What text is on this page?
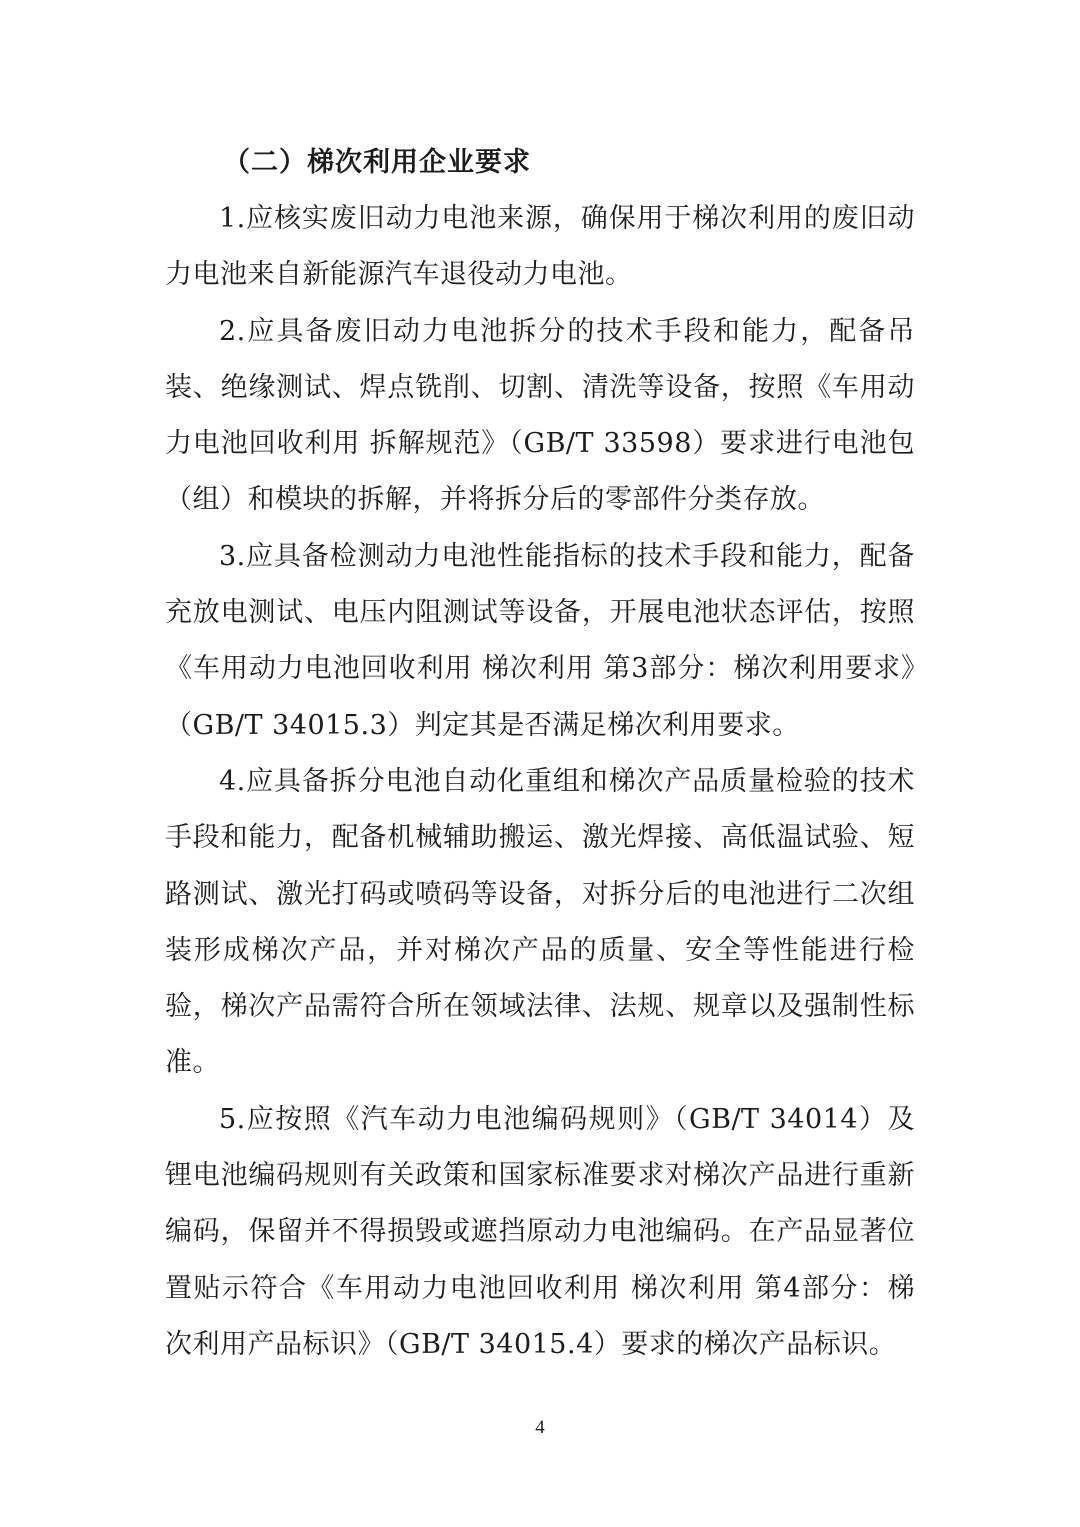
（二）梯次利用企业要求

1.应核实废旧动力电池来源，确保用于梯次利用的废旧动力电池来自新能源汽车退役动力电池。

2.应具备废旧动力电池拆分的技术手段和能力，配备吊装、绝缘测试、焊点铣削、切割、清洗等设备，按照《车用动力电池回收利用 拆解规范》（GB/T 33598）要求进行电池包（组）和模块的拆解，并将拆分后的零部件分类存放。

3.应具备检测动力电池性能指标的技术手段和能力，配备充放电测试、电压内阻测试等设备，开展电池状态评估，按照《车用动力电池回收利用 梯次利用 第3部分：梯次利用要求》（GB/T 34015.3）判定其是否满足梯次利用要求。

4.应具备拆分电池自动化重组和梯次产品质量检验的技术手段和能力，配备机械辅助搬运、激光焊接、高低温试验、短路测试、激光打码或喷码等设备，对拆分后的电池进行二次组装形成梯次产品，并对梯次产品的质量、安全等性能进行检验，梯次产品需符合所在领域法律、法规、规章以及强制性标准。

5.应按照《汽车动力电池编码规则》（GB/T 34014）及锂电池编码规则有关政策和国家标准要求对梯次产品进行重新编码，保留并不得损毁或遮挡原动力电池编码。在产品显著位置贴示符合《车用动力电池回收利用 梯次利用 第4部分：梯次利用产品标识》（GB/T 34015.4）要求的梯次产品标识。

4
